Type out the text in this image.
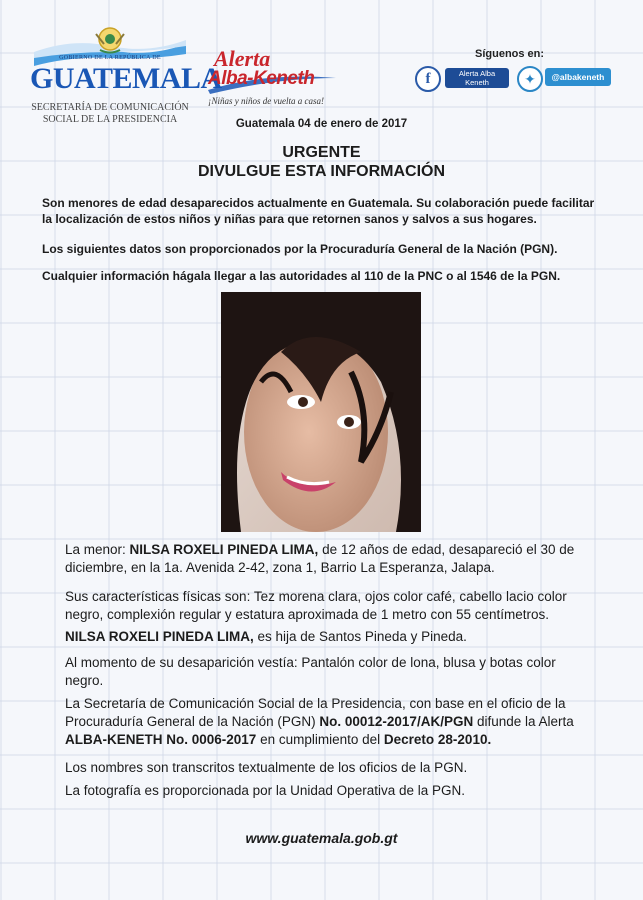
GOBIERNO DE LA REPÚBLICA DE
GUATEMALA
SECRETARÍA DE COMUNICACIÓN
SOCIAL DE LA PRESIDENCIA
Alerta
Alba-Keneth
¡Niñas y niños de vuelta a casa!
Síguenos en:
f	Alerta Alba
Keneth	✦	@albakeneth
Guatemala 04 de enero de 2017
URGENTE
DIVULGUE ESTA INFORMACIÓN
Son menores de edad desaparecidos actualmente en Guatemala. Su colaboración puede facilitar la localización de estos niños y niñas para que retornen sanos y salvos a sus hogares.
Los siguientes datos son proporcionados por la Procuraduría General de la Nación (PGN).
Cualquier información hágala llegar a las autoridades al 110 de la PNC o al 1546 de la PGN.
La menor: NILSA ROXELI PINEDA LIMA, de 12 años de edad, desapareció el 30 de diciembre, en la 1a. Avenida 2-42, zona 1, Barrio La Esperanza, Jalapa.
Sus características físicas son: Tez morena clara, ojos color café, cabello lacio color negro, complexión regular y estatura aproximada de 1 metro con 55 centímetros.
NILSA ROXELI PINEDA LIMA, es hija de Santos Pineda y Pineda.
Al momento de su desaparición vestía: Pantalón color de lona, blusa y botas color negro.
La Secretaría de Comunicación Social de la Presidencia, con base en el oficio de la Procuraduría General de la Nación (PGN) No. 00012-2017/AK/PGN difunde la Alerta ALBA-KENETH No. 0006-2017 en cumplimiento del Decreto 28-2010.
Los nombres son transcritos textualmente de los oficios de la PGN.
La fotografía es proporcionada por la Unidad Operativa de la PGN.
www.guatemala.gob.gt
